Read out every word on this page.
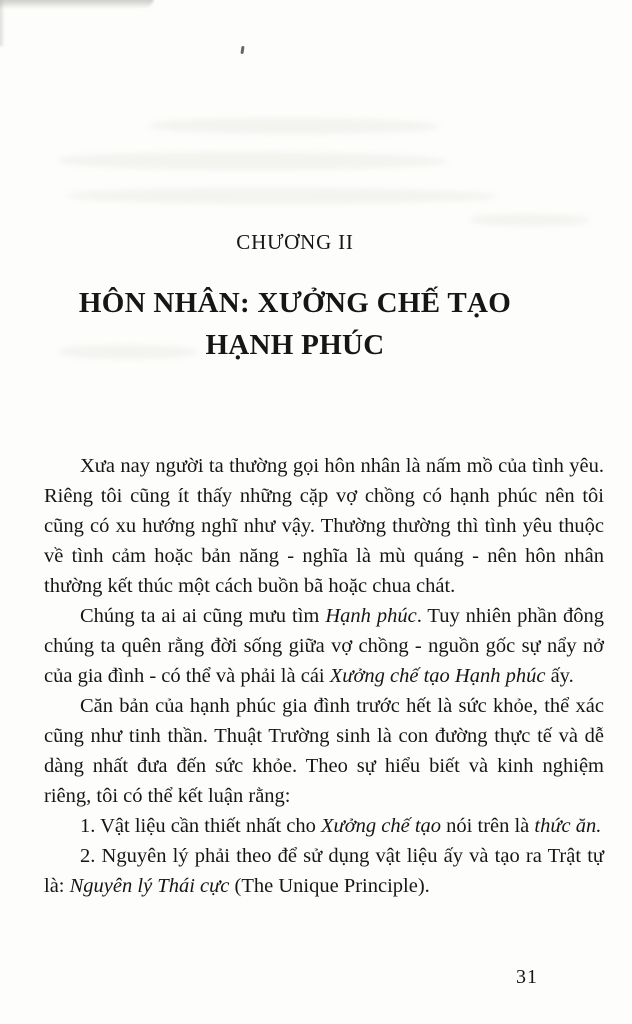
CHƯƠNG II
HÔN NHÂN: XƯỞNG CHẾ TẠO
HẠNH PHÚC

Xưa nay người ta thường gọi hôn nhân là nấm mồ của tình yêu. Riêng tôi cũng ít thấy những cặp vợ chồng có hạnh phúc nên tôi cũng có xu hướng nghĩ như vậy. Thường thường thì tình yêu thuộc về tình cảm hoặc bản năng - nghĩa là mù quáng - nên hôn nhân thường kết thúc một cách buồn bã hoặc chua chát.

Chúng ta ai ai cũng mưu tìm Hạnh phúc. Tuy nhiên phần đông chúng ta quên rằng đời sống giữa vợ chồng - nguồn gốc sự nẩy nở của gia đình - có thể và phải là cái Xưởng chế tạo Hạnh phúc ấy.

Căn bản của hạnh phúc gia đình trước hết là sức khỏe, thể xác cũng như tinh thần. Thuật Trường sinh là con đường thực tế và dễ dàng nhất đưa đến sức khỏe. Theo sự hiểu biết và kinh nghiệm riêng, tôi có thể kết luận rằng:

1. Vật liệu cần thiết nhất cho Xưởng chế tạo nói trên là thức ăn.

2. Nguyên lý phải theo để sử dụng vật liệu ấy và tạo ra Trật tự là: Nguyên lý Thái cực (The Unique Principle).

31
